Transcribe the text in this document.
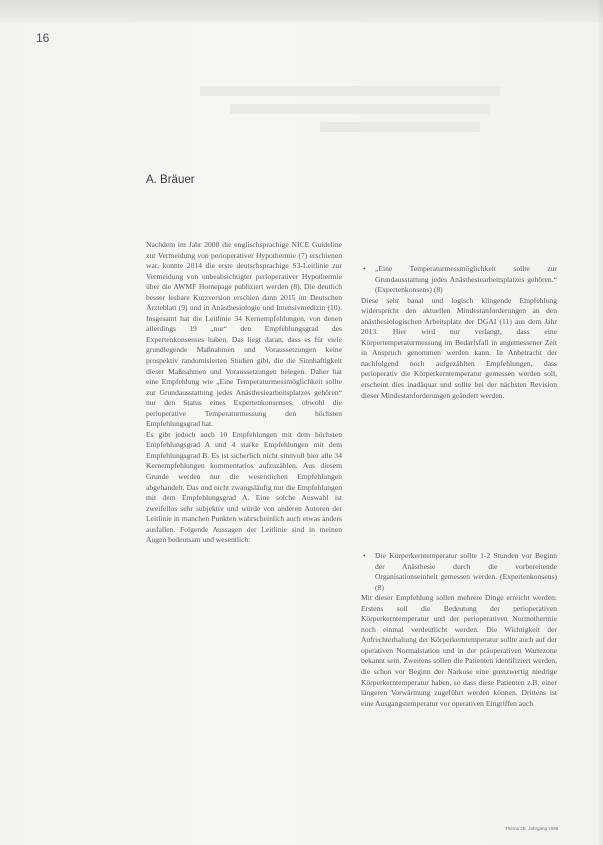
16
A. Bräuer

Nachdem im Jahr 2008 die englischsprachige NICE Guideline zur Vermeidung von perioperativer Hypothermie (7) erschienen war, konnte 2014 die erste deutschsprachige S3-Leitlinie zur Vermeidung von unbeabsichtigter perioperativer Hypothermie über die AWMF Homepage publiziert werden (8). Die deutlich besser lesbare Kurzversion erschien dann 2015 im Deutschen Ärzteblatt (9) und in Anästhesiologie und Intensivmedizin (10). Insgesamt hat die Leitlinie 34 Kernempfehlungen, von denen allerdings 19 „nur“ den Empfehlungsgrad des Expertenkonsenses haben. Das liegt daran, dass es für viele grundlegende Maßnahmen und Voraussetzungen keine prospektiv randomisierten Studien gibt, die die Sinnhaftigkeit dieser Maßnahmen und Voraussetzungen belegen. Daher hat eine Empfehlung wie „Eine Temperaturmessmöglichkeit sollte zur Grundausstattung jedes Anästhesiearbeitsplatzes gehören“ nur den Status eines Expertenkonsenses, obwohl die perioperative Temperaturmessung den höchsten Empfehlungsgrad hat.

Es gibt jedoch auch 10 Empfehlungen mit dem höchsten Empfehlungsgrad A und 4 starke Empfehlungen mit dem Empfehlungsgrad B. Es ist sicherlich nicht sinnvoll hier alle 34 Kernempfehlungen kommentarlos aufzuzählen. Aus diesem Grunde werden nur die wesentlichen Empfehlungen abgehandelt. Das und nicht zwangsläufig nur die Empfehlungen mit dem Empfehlungsgrad A. Eine solche Auswahl ist zweifellos sehr subjektiv und würde von anderen Autoren der Leitlinie in manchen Punkten wahrscheinlich auch etwas anders ausfallen. Folgende Aussagen der Leitlinie sind in meinen Augen bedeutsam und wesentlich:

• „Eine Temperaturmessmöglichkeit sollte zur Grundausstattung jedes Anästhesiearbeitsplatzes gehören.“ (Expertenkonsens) (8)

Diese sehr banal und logisch klingende Empfehlung widerspricht den aktuellen Mindestanforderungen an den anästhesiologischen Arbeitsplatz der DGAI (11) aus dem Jahr 2013. Hier wird nur verlangt, dass eine Körpertemperaturmessung im Bedarfsfall in angemessener Zeit in Anspruch genommen werden kann. In Anbetracht der nachfolgend noch aufgezählten Empfehlungen, dass perioperativ die Körperkerntemperatur gemessen werden soll, erscheint dies inadäquat und sollte bei der nächsten Revision dieser Mindestanforderungen geändert werden.

• Die Körperkerntemperatur sollte 1-2 Stunden vor Beginn der Anästhesie durch die vorbereitende Organisationseinheit gemessen werden. (Expertenkonsens) (8)

Mit dieser Empfehlung sollen mehrere Dinge erreicht werden: Erstens soll die Bedeutung der perioperativen Körperkerntemperatur und der perioperativen Normothermie noch einmal verdeutlicht werden. Die Wichtigkeit der Aufrechterhaltung der Körperkerntemperatur sollte auch auf der operativen Normalstation und in der präoperativen Wartezone bekannt sein. Zweitens sollen die Patienten identifiziert werden, die schon vor Beginn der Narkose eine grenzwertig niedrige Körperkerntemperatur haben, so dass diese Patienten z.B. einer längeren Vorwärmung zugeführt werden können. Drittens ist eine Ausgangstemperatur vor operativen Eingriffen auch

Thema 2B, Jahrgang 1998
